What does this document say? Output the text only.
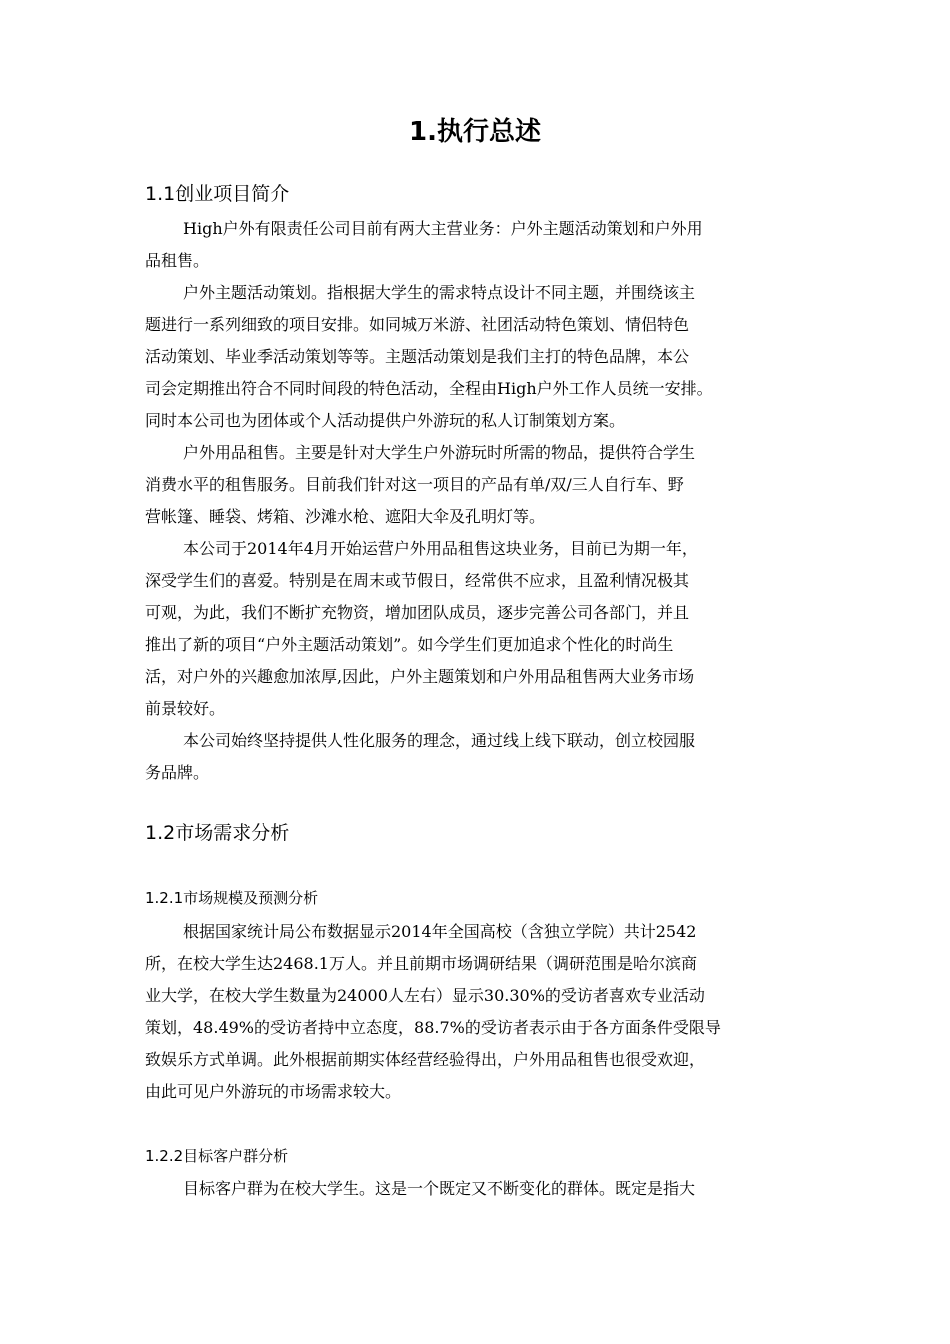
1.执行总述
1.1创业项目简介
High户外有限责任公司目前有两大主营业务：户外主题活动策划和户外用
品租售。
户外主题活动策划。指根据大学生的需求特点设计不同主题，并围绕该主
题进行一系列细致的项目安排。如同城万米游、社团活动特色策划、情侣特色
活动策划、毕业季活动策划等等。主题活动策划是我们主打的特色品牌，本公
司会定期推出符合不同时间段的特色活动，全程由High户外工作人员统一安排。
同时本公司也为团体或个人活动提供户外游玩的私人订制策划方案。
户外用品租售。主要是针对大学生户外游玩时所需的物品，提供符合学生
消费水平的租售服务。目前我们针对这一项目的产品有单/双/三人自行车、野
营帐篷、睡袋、烤箱、沙滩水枪、遮阳大伞及孔明灯等。
本公司于2014年4月开始运营户外用品租售这块业务，目前已为期一年，
深受学生们的喜爱。特别是在周末或节假日，经常供不应求，且盈利情况极其
可观，为此，我们不断扩充物资，增加团队成员，逐步完善公司各部门，并且
推出了新的项目“户外主题活动策划”。如今学生们更加追求个性化的时尚生
活，对户外的兴趣愈加浓厚,因此，户外主题策划和户外用品租售两大业务市场
前景较好。
本公司始终坚持提供人性化服务的理念，通过线上线下联动，创立校园服
务品牌。
1.2市场需求分析
1.2.1市场规模及预测分析
根据国家统计局公布数据显示2014年全国高校（含独立学院）共计2542
所，在校大学生达2468.1万人。并且前期市场调研结果（调研范围是哈尔滨商
业大学，在校大学生数量为24000人左右）显示30.30%的受访者喜欢专业活动
策划，48.49%的受访者持中立态度，88.7%的受访者表示由于各方面条件受限导
致娱乐方式单调。此外根据前期实体经营经验得出，户外用品租售也很受欢迎，
由此可见户外游玩的市场需求较大。
1.2.2目标客户群分析
目标客户群为在校大学生。这是一个既定又不断变化的群体。既定是指大
